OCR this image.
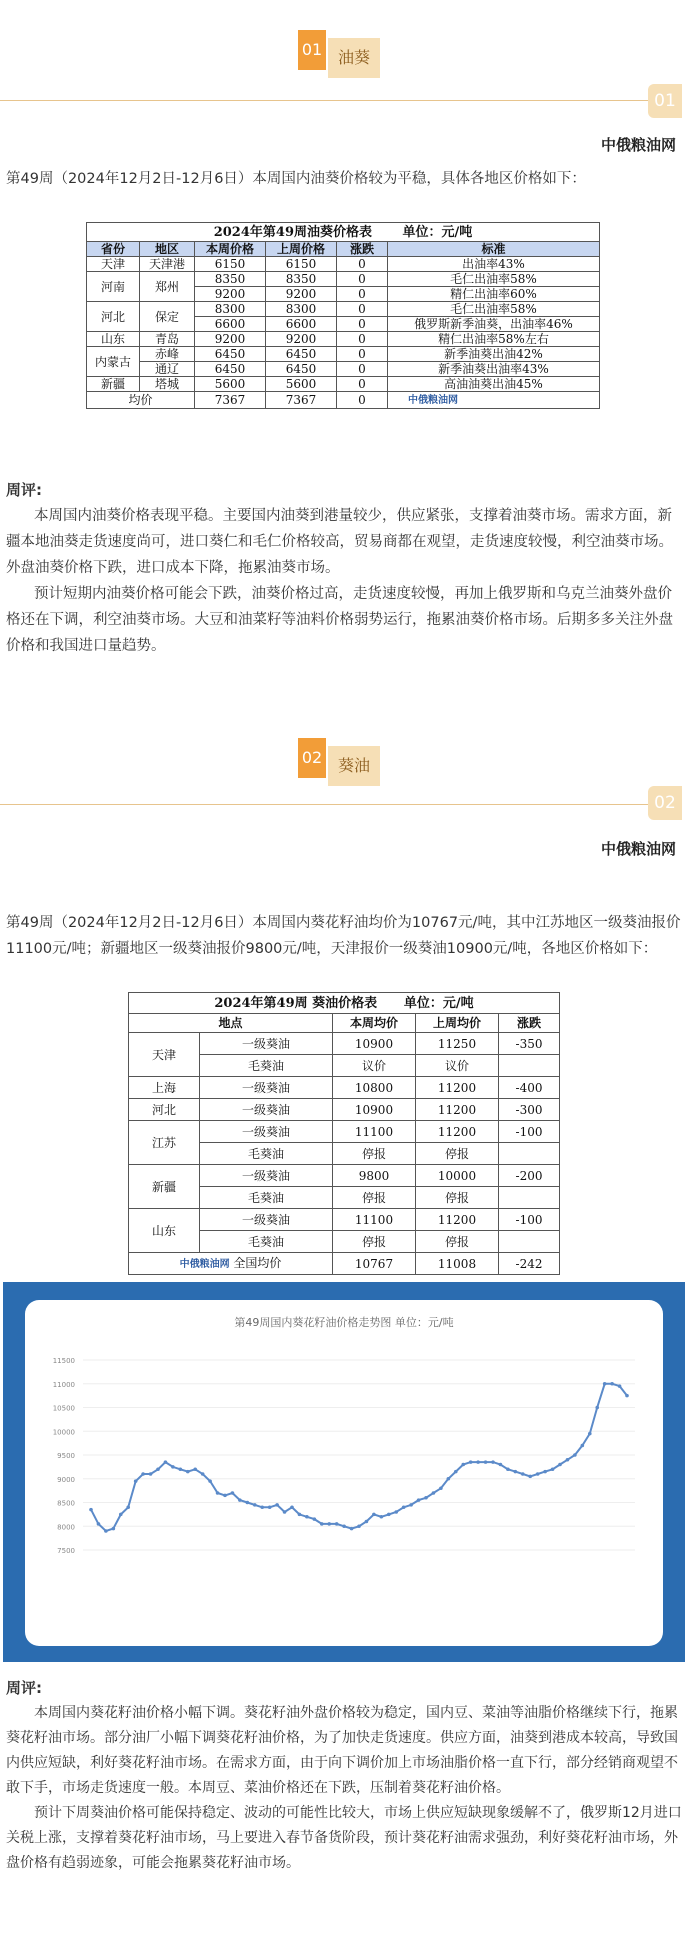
01 油葵
01
中俄粮油网
第49周（2024年12月2日-12月6日）本周国内油葵价格较为平稳，具体各地区价格如下：
2024年第49周油葵价格表 单位：元/吨					
省份	地区	本周价格	上周价格	涨跌	标准
天津	天津港	6150	6150	0	出油率43%
河南	郑州	8350	8350	0	毛仁出油率58%
		9200	9200	0	精仁出油率60%
河北	保定	8300	8300	0	毛仁出油率58%
		6600	6600	0	俄罗斯新季油葵，出油率46%
山东	青岛	9200	9200	0	精仁出油率58%左右
内蒙古	赤峰	6450	6450	0	新季油葵出油42%
	通辽	6450	6450	0	新季油葵出油率43%
新疆	塔城	5600	5600	0	高油油葵出油45%
均价		7367	7367	0	中俄粮油网
周评:
本周国内油葵价格表现平稳。主要国内油葵到港量较少，供应紧张，支撑着油葵市场。需求方面，新疆本地油葵走货速度尚可，进口葵仁和毛仁价格较高，贸易商都在观望，走货速度较慢，利空油葵市场。外盘油葵价格下跌，进口成本下降，拖累油葵市场。
预计短期内油葵价格可能会下跌，油葵价格过高，走货速度较慢，再加上俄罗斯和乌克兰油葵外盘价格还在下调，利空油葵市场。大豆和油菜籽等油料价格弱势运行，拖累油葵价格市场。后期多多关注外盘价格和我国进口量趋势。
02 葵油
02
中俄粮油网
第49周（2024年12月2日-12月6日）本周国内葵花籽油均价为10767元/吨，其中江苏地区一级葵油报价11100元/吨；新疆地区一级葵油报价9800元/吨，天津报价一级葵油10900元/吨，各地区价格如下：
2024年第49周 葵油价格表 单位：元/吨				
地点		本周均价	上周均价	涨跌
天津	一级葵油	10900	11250	-350
	毛葵油	议价	议价	
上海	一级葵油	10800	11200	-400
河北	一级葵油	10900	11200	-300
江苏	一级葵油	11100	11200	-100
	毛葵油	停报	停报	
新疆	一级葵油	9800	10000	-200
	毛葵油	停报	停报	
山东	一级葵油	11100	11200	-100
	毛葵油	停报	停报	
中俄粮油网 全国均价		10767	11008	-242
第49周国内葵花籽油价格走势图 单位：元/吨
11500
11000
10500
10000
9500
9000
8500
8000
7500
周评:
本周国内葵花籽油价格小幅下调。葵花籽油外盘价格较为稳定，国内豆、菜油等油脂价格继续下行，拖累葵花籽油市场。部分油厂小幅下调葵花籽油价格，为了加快走货速度。供应方面，油葵到港成本较高，导致国内供应短缺，利好葵花籽油市场。在需求方面，由于向下调价加上市场油脂价格一直下行，部分经销商观望不敢下手，市场走货速度一般。本周豆、菜油价格还在下跌，压制着葵花籽油价格。
预计下周葵油价格可能保持稳定、波动的可能性比较大，市场上供应短缺现象缓解不了，俄罗斯12月进口关税上涨，支撑着葵花籽油市场，马上要进入春节备货阶段，预计葵花籽油需求强劲，利好葵花籽油市场，外盘价格有趋弱迹象，可能会拖累葵花籽油市场。
